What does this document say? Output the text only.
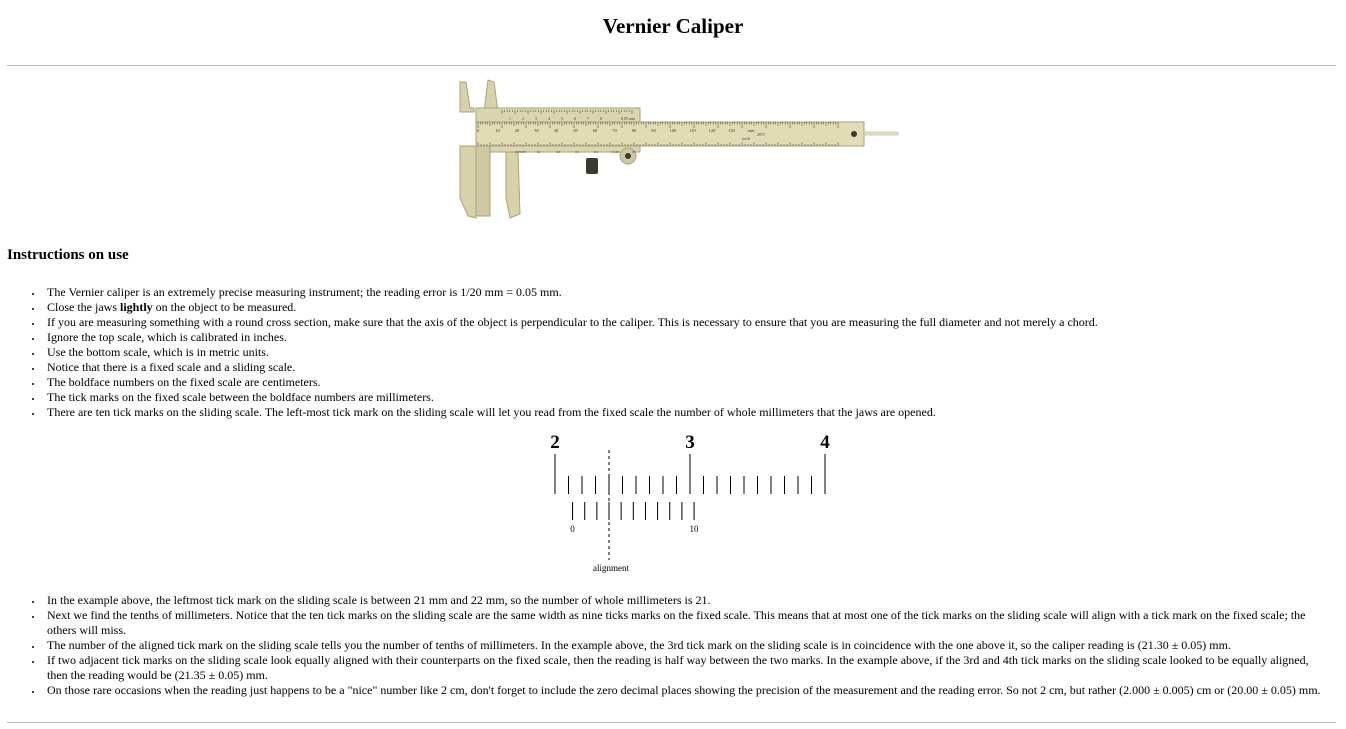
Vernier Caliper
1	2	3	4	5	6	7	8	0.05 mm
0	10	20	30	40	50	60	70	80	90	100	110	120	130	mm
inch
20°C
1/INCH	01	02	03	04	1/128	05
Instructions on use
The Vernier caliper is an extremely precise measuring instrument; the reading error is 1/20 mm = 0.05 mm.
Close the jaws lightly on the object to be measured.
If you are measuring something with a round cross section, make sure that the axis of the object is perpendicular to the caliper. This is necessary to ensure that you are measuring the full diameter and not merely a chord.
Ignore the top scale, which is calibrated in inches.
Use the bottom scale, which is in metric units.
Notice that there is a fixed scale and a sliding scale.
The boldface numbers on the fixed scale are centimeters.
The tick marks on the fixed scale between the boldface numbers are millimeters.
There are ten tick marks on the sliding scale. The left-most tick mark on the sliding scale will let you read from the fixed scale the number of whole millimeters that the jaws are opened.
2	3	4
0	10
alignment
In the example above, the leftmost tick mark on the sliding scale is between 21 mm and 22 mm, so the number of whole millimeters is 21.
Next we find the tenths of millimeters. Notice that the ten tick marks on the sliding scale are the same width as nine ticks marks on the fixed scale. This means that at most one of the tick marks on the sliding scale will align with a tick mark on the fixed scale; the others will miss.
The number of the aligned tick mark on the sliding scale tells you the number of tenths of millimeters. In the example above, the 3rd tick mark on the sliding scale is in coincidence with the one above it, so the caliper reading is (21.30 ± 0.05) mm.
If two adjacent tick marks on the sliding scale look equally aligned with their counterparts on the fixed scale, then the reading is half way between the two marks. In the example above, if the 3rd and 4th tick marks on the sliding scale looked to be equally aligned, then the reading would be (21.35 ± 0.05) mm.
On those rare occasions when the reading just happens to be a "nice" number like 2 cm, don't forget to include the zero decimal places showing the precision of the measurement and the reading error. So not 2 cm, but rather (2.000 ± 0.005) cm or (20.00 ± 0.05) mm.
